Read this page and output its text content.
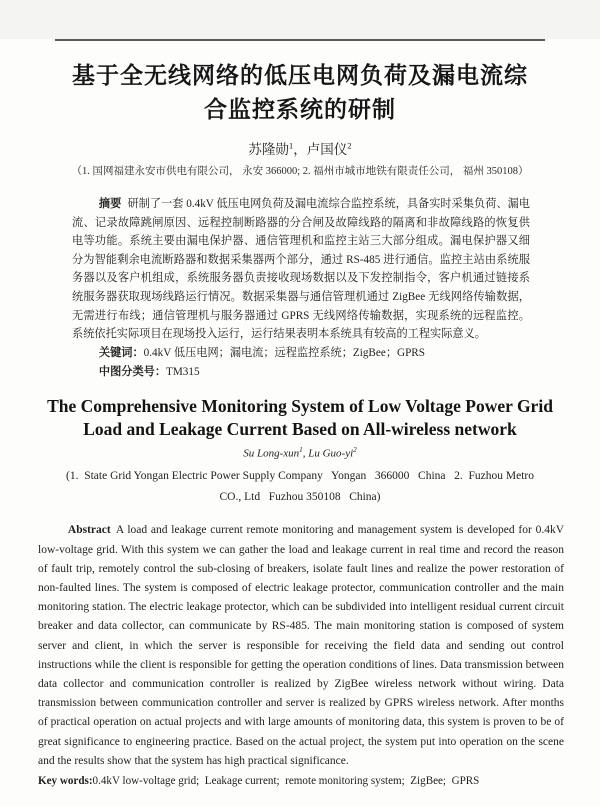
基于全无线网络的低压电网负荷及漏电流综
合监控系统的研制
苏隆勋$^1$，卢国仪$^2$
（1. 国网福建永安市供电有限公司， 永安 366000; 2. 福州市城市地铁有限责任公司， 福州 350108）

摘要 研制了一套 0.4kV 低压电网负荷及漏电流综合监控系统，具备实时采集负荷、漏电流、记录故障跳闸原因、远程控制断路器的分合闸及故障线路的隔离和非故障线路的恢复供电等功能。系统主要由漏电保护器、通信管理机和监控主站三大部分组成。漏电保护器又细分为智能剩余电流断路器和数据采集器两个部分，通过 RS-485 进行通信。监控主站由系统服务器以及客户机组成，系统服务器负责接收现场数据以及下发控制指令，客户机通过链接系统服务器获取现场线路运行情况。数据采集器与通信管理机通过 ZigBee 无线网络传输数据，无需进行布线；通信管理机与服务器通过 GPRS 无线网络传输数据，实现系统的远程监控。系统依托实际项目在现场投入运行，运行结果表明本系统具有较高的工程实际意义。

关键词：0.4kV 低压电网；漏电流；远程监控系统；ZigBee；GPRS

中图分类号：TM315

The Comprehensive Monitoring System of Low Voltage Power Grid
Load and Leakage Current Based on All-wireless network
Su Long-xun$^1$, Lu Guo-$yi^2$
(1.  State Grid Yongan Electric Power Supply Company   Yongan   366000   China   2.  Fuzhou Metro
CO., Ltd   Fuzhou 350108   China)

Abstract A load and leakage current remote monitoring and management system is developed for 0.4kV low-voltage grid. With this system we can gather the load and leakage current in real time and record the reason of fault trip, remotely control the sub-closing of breakers, isolate fault lines and realize the power restoration of non-faulted lines. The system is composed of electric leakage protector, communication controller and the main monitoring station. The electric leakage protector, which can be subdivided into intelligent residual current circuit breaker and data collector, can communicate by RS-485. The main monitoring station is composed of system server and client, in which the server is responsible for receiving the field data and sending out control instructions while the client is responsible for getting the operation conditions of lines. Data transmission between data collector and communication controller is realized by ZigBee wireless network without wiring. Data transmission between communication controller and server is realized by GPRS wireless network. After months of practical operation on actual projects and with large amounts of monitoring data, this system is proven to be of great significance to engineering practice. Based on the actual project, the system put into operation on the scene and the results show that the system has high practical significance.

Key words:0.4kV low-voltage grid;  Leakage current;  remote monitoring system;  ZigBee;  GPRS
